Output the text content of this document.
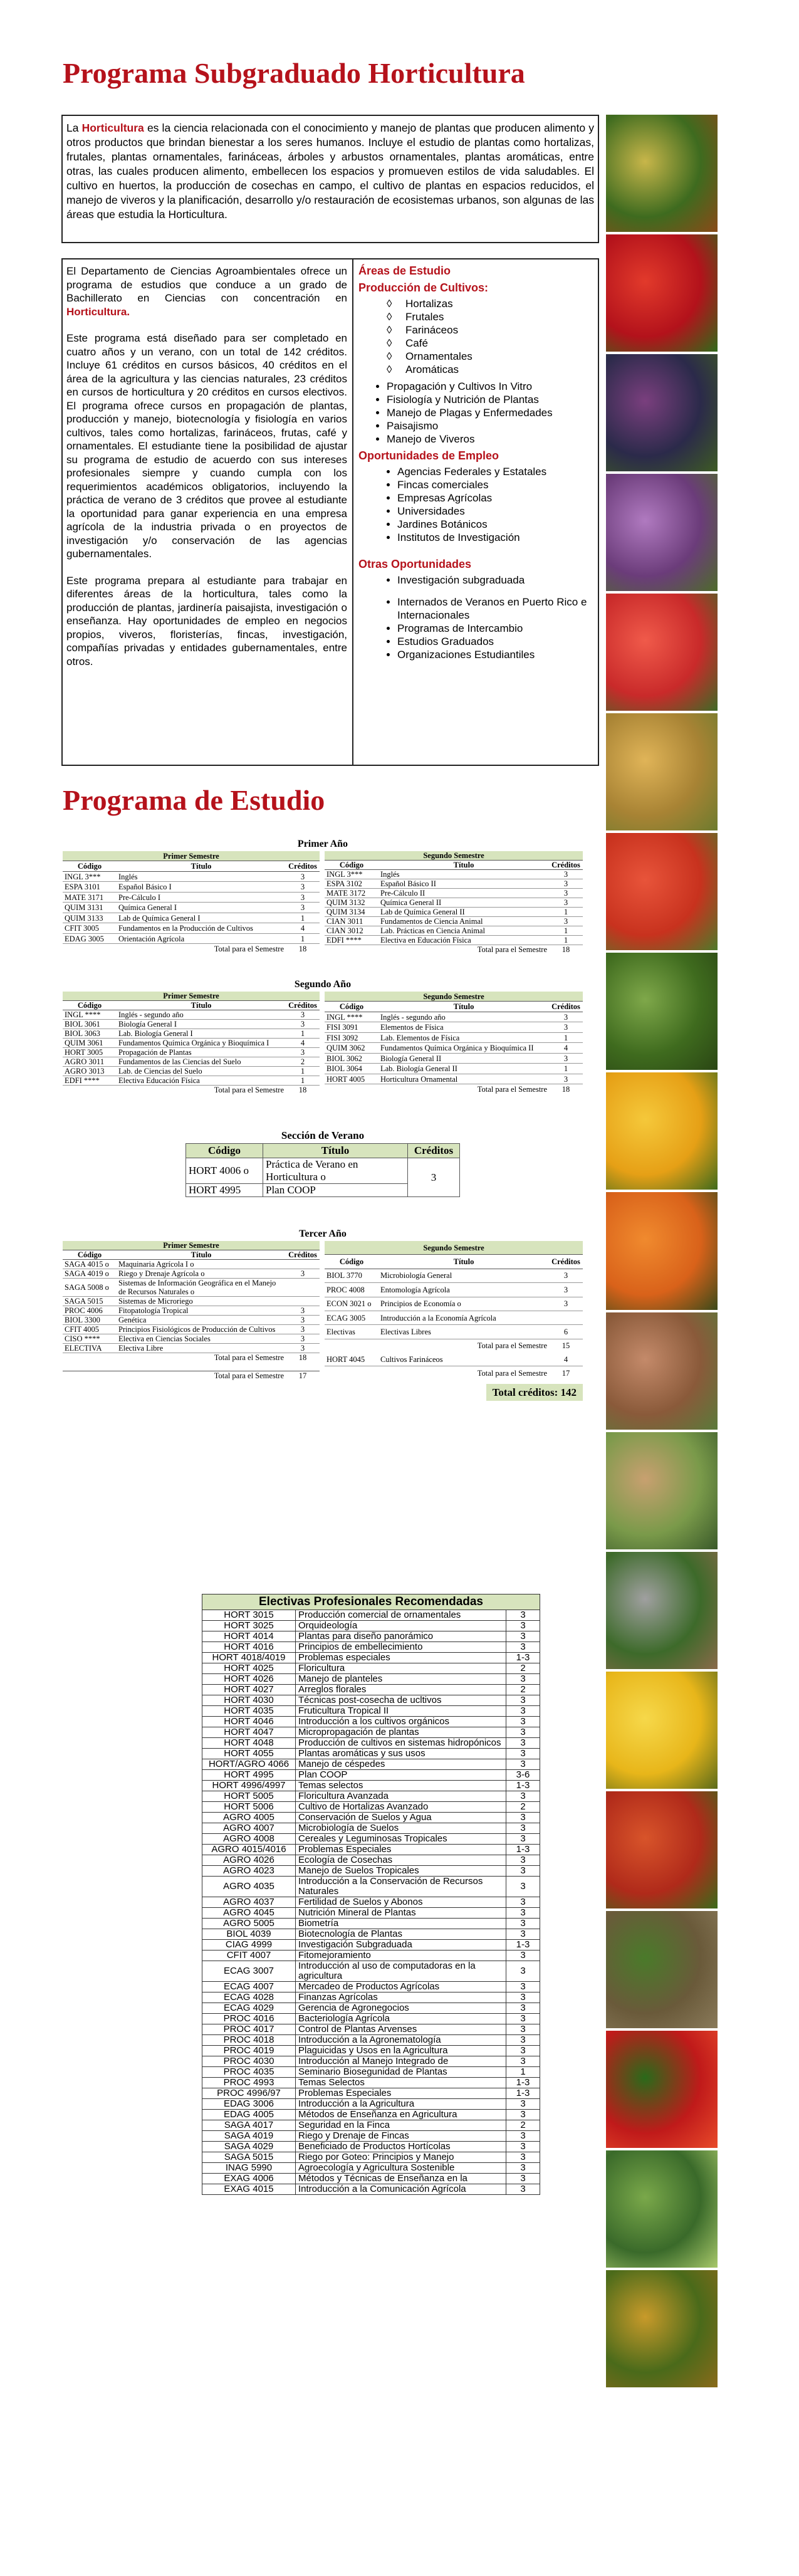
Programa Subgraduado Horticultura
La Horticultura es la ciencia relacionada con el conocimiento y manejo de plantas que producen alimento y otros productos que brindan bienestar a los seres humanos. Incluye el estudio de plantas como hortalizas, frutales, plantas ornamentales, farináceas, árboles y arbustos ornamentales, plantas aromáticas, entre otras, las cuales producen alimento, embellecen los espacios y promueven estilos de vida saludables. El cultivo en huertos, la producción de cosechas en campo, el cultivo de plantas en espacios reducidos, el manejo de viveros y la planificación, desarrollo y/o restauración de ecosistemas urbanos, son algunas de las áreas que estudia la Horticultura.
El Departamento de Ciencias Agroambientales ofrece un programa de estudios que conduce a un grado de Bachillerato en Ciencias con concentración en Horticultura.
Este programa está diseñado para ser completado en cuatro años y un verano, con un total de 142 créditos. Incluye 61 créditos en cursos básicos, 40 créditos en el área de la agricultura y las ciencias naturales, 23 créditos en cursos de horticultura y 20 créditos en cursos electivos. El programa ofrece cursos en propagación de plantas, producción y manejo, biotecnología y fisiología en varios cultivos, tales como hortalizas, farináceos, frutas, café y ornamentales. El estudiante tiene la posibilidad de ajustar su programa de estudio de acuerdo con sus intereses profesionales siempre y cuando cumpla con los requerimientos académicos obligatorios, incluyendo la práctica de verano de 3 créditos que provee al estudiante la oportunidad para ganar experiencia en una empresa agrícola de la industria privada o en proyectos de investigación y/o conservación de las agencias gubernamentales.
Este programa prepara al estudiante para trabajar en diferentes áreas de la horticultura, tales como la producción de plantas, jardinería paisajista, investigación o enseñanza. Hay oportunidades de empleo en negocios propios, viveros, floristerías, fincas, investigación, compañías privadas y entidades gubernamentales, entre otros.
Áreas de Estudio
Producción de Cultivos:
◊ Hortalizas
◊ Frutales
◊ Farináceos
◊ Café
◊ Ornamentales
◊ Aromáticas
• Propagación y Cultivos In Vitro
• Fisiología y Nutrición de Plantas
• Manejo de Plagas y Enfermedades
• Paisajismo
• Manejo de Viveros
Oportunidades de Empleo
• Agencias Federales y Estatales
• Fincas comerciales
• Empresas Agrícolas
• Universidades
• Jardines Botánicos
• Institutos de Investigación
Otras Oportunidades
• Investigación subgraduada
• Internados de Veranos en Puerto Rico e Internacionales
• Programas de Intercambio
• Estudios Graduados
• Organizaciones Estudiantiles
Programa de Estudio
Primer Año
Primer Semestre		
Código	Título	Créditos
INGL 3***	Inglés	3
ESPA 3101	Español Básico I	3
MATE 3171	Pre-Cálculo I	3
QUIM 3131	Química General I	3
QUIM 3133	Lab de Química General I	1
CFIT 3005	Fundamentos en la Producción de Cultivos	4
EDAG 3005	Orientación Agrícola	1
Total para el Semestre		18
Segundo Semestre		
Código	Título	Créditos
INGL 3***	Inglés	3
ESPA 3102	Español Básico II	3
MATE 3172	Pre-Cálculo II	3
QUIM 3132	Química General II	3
QUIM 3134	Lab de Química General II	1
CIAN 3011	Fundamentos de Ciencia Animal	3
CIAN 3012	Lab. Prácticas en Ciencia Animal	1
EDFI ****	Electiva en Educación Física	1
Total para el Semestre		18
Segundo Año
Primer Semestre		
Código	Título	Créditos
INGL ****	Inglés - segundo año	3
BIOL 3061	Biología General I	3
BIOL 3063	Lab. Biología General I	1
QUIM 3061	Fundamentos Química Orgánica y Bioquímica I	4
HORT 3005	Propagación de Plantas	3
AGRO 3011	Fundamentos de las Ciencias del Suelo	2
AGRO 3013	Lab. de Ciencias del Suelo	1
EDFI ****	Electiva Educación Física	1
Total para el Semestre		18
Segundo Semestre		
Código	Título	Créditos
INGL ****	Inglés - segundo año	3
FISI 3091	Elementos de Física	3
FISI 3092	Lab. Elementos de Física	1
QUIM 3062	Fundamentos Química Orgánica y Bioquímica II	4
BIOL 3062	Biología General II	3
BIOL 3064	Lab. Biología General II	1
HORT 4005	Horticultura Ornamental	3
Total para el Semestre		18
Sección de Verano
Código	Título	Créditos
HORT 4006 o	Práctica de Verano en Horticultura o	3
HORT 4995	Plan COOP	
Tercer Año
Primer Semestre		
Código	Título	Créditos
SAGA 4015 o	Maquinaria Agrícola I o	
SAGA 4019 o	Riego y Drenaje Agrícola o	3
SAGA 5008 o	Sistemas de Información Geográfica en el Manejo de Recursos Naturales o	
SAGA 5015	Sistemas de Microriego	
PROC 4006	Fitopatología Tropical	3
BIOL 3300	Genética	3
CFIT 4005	Principios Fisiológicos de Producción de Cultivos	3
CISO ****	Electiva en Ciencias Sociales	3
ELECTIVA	Electiva Libre	3
Total para el Semestre		18

Total para el Semestre		17
Segundo Semestre		
Código	Título	Créditos
BIOL 3770	Microbiología General	3
PROC 4008	Entomología Agrícola	3
ECON 3021 o	Principios de Economía o	3
ECAG 3005	Introducción a la Economía Agrícola	
Electivas	Electivas Libres	6
Total para el Semestre		15
HORT 4045	Cultivos Farináceos	4
Total para el Semestre		17
Total créditos: 142
Electivas Profesionales Recomendadas		
HORT 3015	Producción comercial de ornamentales	3
HORT 3025	Orquideología	3
HORT 4014	Plantas para diseño panorámico	3
HORT 4016	Principios de embellecimiento	3
HORT 4018/4019	Problemas especiales	1-3
HORT 4025	Floricultura	2
HORT 4026	Manejo de planteles	3
HORT 4027	Arreglos florales	2
HORT 4030	Técnicas post-cosecha de ucltivos	3
HORT 4035	Fruticultura Tropical II	3
HORT 4046	Introducción a los cultivos orgánicos	3
HORT 4047	Micropropagación de plantas	3
HORT 4048	Producción de cultivos en sistemas hidropónicos	3
HORT 4055	Plantas aromáticas y sus usos	3
HORT/AGRO 4066	Manejo de céspedes	3
HORT 4995	Plan COOP	3-6
HORT 4996/4997	Temas selectos	1-3
HORT 5005	Floricultura Avanzada	3
HORT 5006	Cultivo de Hortalizas Avanzado	2
AGRO 4005	Conservación de Suelos y Agua	3
AGRO 4007	Microbiología de Suelos	3
AGRO 4008	Cereales y Leguminosas Tropicales	3
AGRO 4015/4016	Problemas Especiales	1-3
AGRO 4026	Ecología de Cosechas	3
AGRO 4023	Manejo de Suelos Tropicales	3
AGRO 4035	Introducción a la Conservación de Recursos Naturales	3
AGRO 4037	Fertilidad de Suelos y Abonos	3
AGRO 4045	Nutrición Mineral de Plantas	3
AGRO 5005	Biometría	3
BIOL 4039	Biotecnología de Plantas	3
CIAG 4999	Investigación Subgraduada	1-3
CFIT 4007	Fitomejoramiento	3
ECAG 3007	Introducción al uso de computadoras en la agricultura	3
ECAG 4007	Mercadeo de Productos Agrícolas	3
ECAG 4028	Finanzas Agrícolas	3
ECAG 4029	Gerencia de Agronegocios	3
PROC 4016	Bacteriología Agrícola	3
PROC 4017	Control de Plantas Arvenses	3
PROC 4018	Introducción a la Agronematología	3
PROC 4019	Plaguicidas y Usos en la Agricultura	3
PROC 4030	Introducción al Manejo Integrado de	3
PROC 4035	Seminario Biosegunidad de Plantas	1
PROC 4993	Temas Selectos	1-3
PROC 4996/97	Problemas Especiales	1-3
EDAG 3006	Introducción a la Agricultura	3
EDAG 4005	Métodos de Enseñanza en Agricultura	3
SAGA 4017	Seguridad en la Finca	2
SAGA 4019	Riego y Drenaje de Fincas	3
SAGA 4029	Beneficiado de Productos Hortícolas	3
SAGA 5015	Riego por Goteo: Principios y Manejo	3
INAG 5990	Agroecología y Agricultura Sostenible	3
EXAG 4006	Métodos y Técnicas de Enseñanza en la	3
EXAG 4015	Introducción a la Comunicación Agrícola	3
